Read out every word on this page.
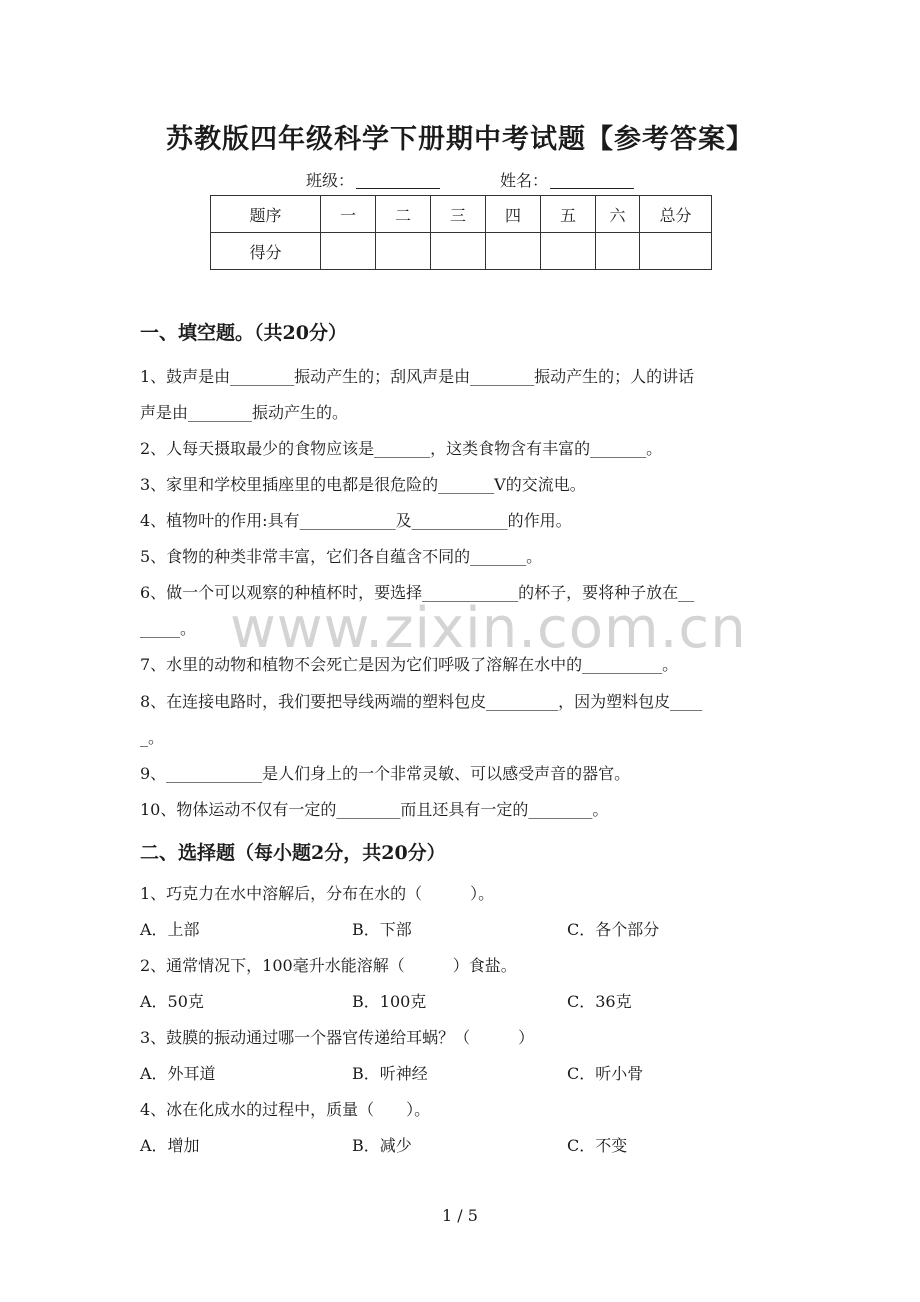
苏教版四年级科学下册期中考试题【参考答案】
班级：	姓名：
题序	一	二	三	四	五	六	总分
得分							
www.zixin.com.cn
一、填空题。（共20分）
1、鼓声是由________振动产生的；刮风声是由________振动产生的；人的讲话
声是由________振动产生的。
2、人每天摄取最少的食物应该是_______，这类食物含有丰富的_______。
3、家里和学校里插座里的电都是很危险的_______V的交流电。
4、植物叶的作用:具有____________及____________的作用。
5、食物的种类非常丰富，它们各自蕴含不同的_______。
6、做一个可以观察的种植杯时，要选择____________的杯子，要将种子放在__
_____。
7、水里的动物和植物不会死亡是因为它们呼吸了溶解在水中的__________。
8、在连接电路时，我们要把导线两端的塑料包皮_________，因为塑料包皮____
_。
9、____________是人们身上的一个非常灵敏、可以感受声音的器官。
10、物体运动不仅有一定的________而且还具有一定的________。
二、选择题（每小题2分，共20分）
1、巧克力在水中溶解后，分布在水的（　　　）。
A．上部	B．下部	C．各个部分
2、通常情况下，100毫升水能溶解（　　　）食盐。
A．50克	B．100克	C．36克
3、鼓膜的振动通过哪一个器官传递给耳蜗？（　　　）
A．外耳道	B．听神经	C．听小骨
4、冰在化成水的过程中，质量（　　）。
A．增加	B．减少	C．不变
1 / 5
